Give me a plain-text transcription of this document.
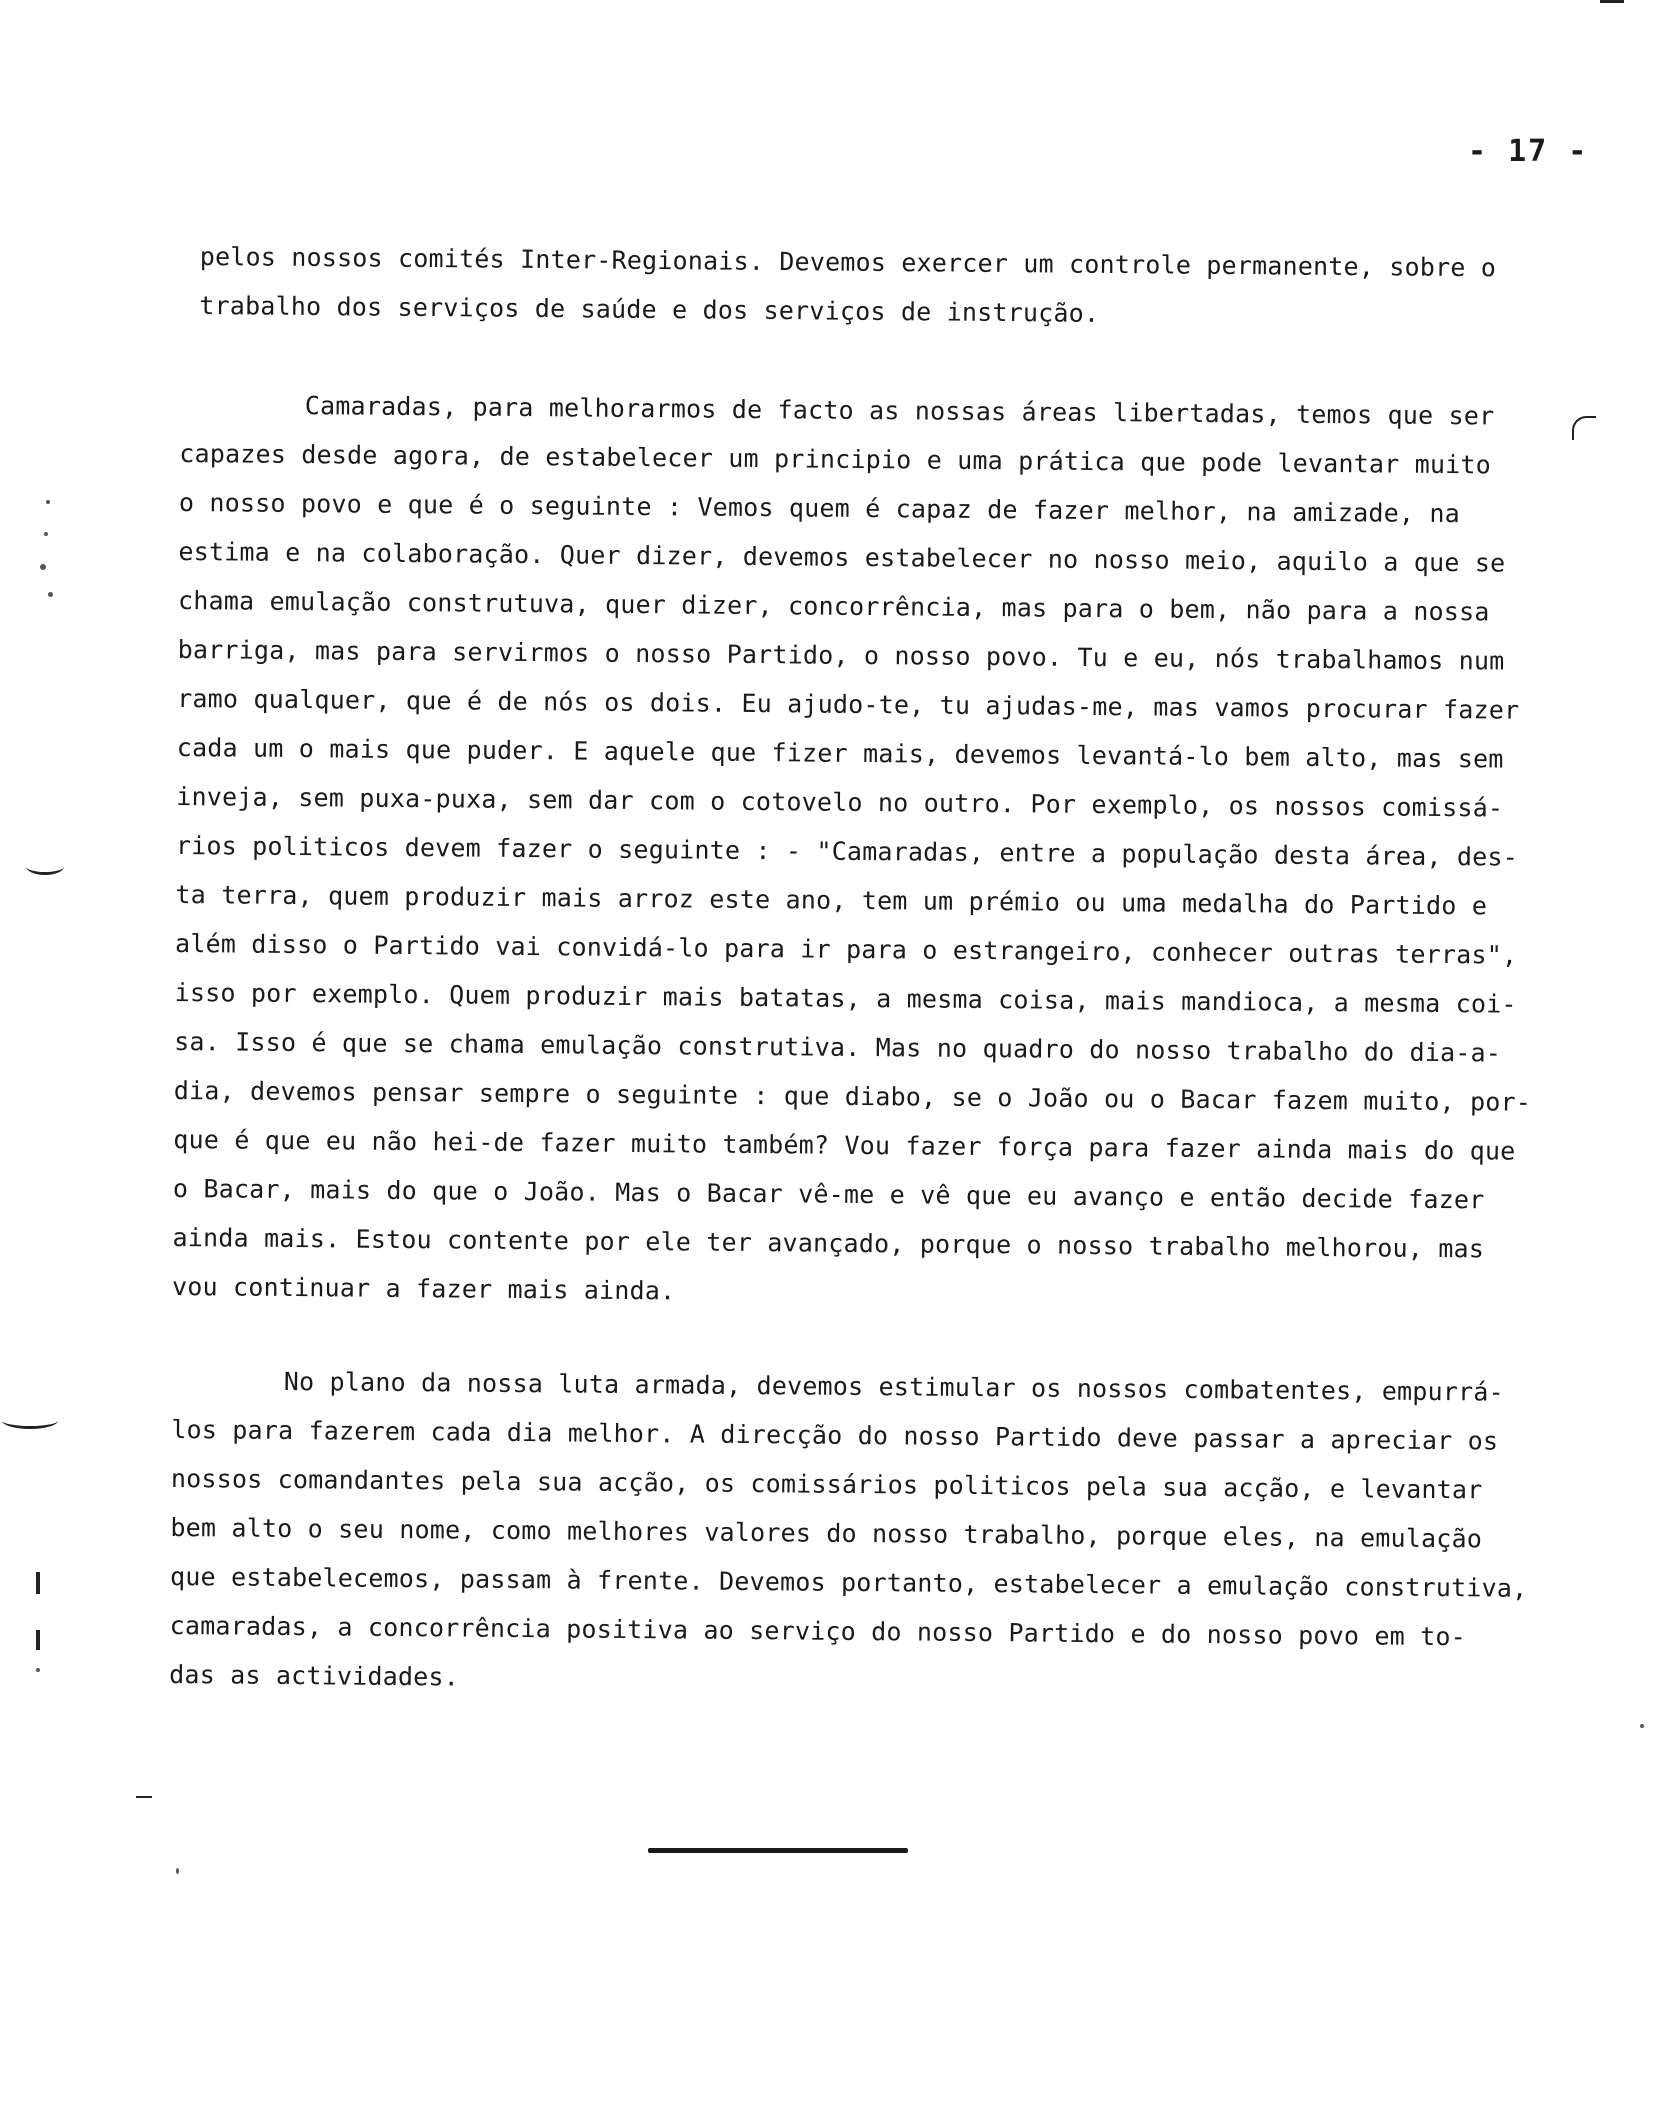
- 17 -
pelos nossos comités Inter-Regionais. Devemos exercer um controle permanente, sobre o
trabalho dos serviços de saúde e dos serviços de instrução.
Camaradas, para melhorarmos de facto as nossas áreas libertadas, temos que ser
capazes desde agora, de estabelecer um principio e uma prática que pode levantar muito
o nosso povo e que é o seguinte : Vemos quem é capaz de fazer melhor, na amizade, na
estima e na colaboração. Quer dizer, devemos estabelecer no nosso meio, aquilo a que se
chama emulação construtuva, quer dizer, concorrência, mas para o bem, não para a nossa
barriga, mas para servirmos o nosso Partido, o nosso povo. Tu e eu, nós trabalhamos num
ramo qualquer, que é de nós os dois. Eu ajudo-te, tu ajudas-me, mas vamos procurar fazer
cada um o mais que puder. E aquele que fizer mais, devemos levantá-lo bem alto, mas sem
inveja, sem puxa-puxa, sem dar com o cotovelo no outro. Por exemplo, os nossos comissá-
rios politicos devem fazer o seguinte : - "Camaradas, entre a população desta área, des-
ta terra, quem produzir mais arroz este ano, tem um prémio ou uma medalha do Partido e
além disso o Partido vai convidá-lo para ir para o estrangeiro, conhecer outras terras",
isso por exemplo. Quem produzir mais batatas, a mesma coisa, mais mandioca, a mesma coi-
sa. Isso é que se chama emulação construtiva. Mas no quadro do nosso trabalho do dia-a-
dia, devemos pensar sempre o seguinte : que diabo, se o João ou o Bacar fazem muito, por-
que é que eu não hei-de fazer muito também? Vou fazer força para fazer ainda mais do que
o Bacar, mais do que o João. Mas o Bacar vê-me e vê que eu avanço e então decide fazer
ainda mais. Estou contente por ele ter avançado, porque o nosso trabalho melhorou, mas
vou continuar a fazer mais ainda.
No plano da nossa luta armada, devemos estimular os nossos combatentes, empurrá-
los para fazerem cada dia melhor. A direcção do nosso Partido deve passar a apreciar os
nossos comandantes pela sua acção, os comissários politicos pela sua acção, e levantar
bem alto o seu nome, como melhores valores do nosso trabalho, porque eles, na emulação
que estabelecemos, passam à frente. Devemos portanto, estabelecer a emulação construtiva,
camaradas, a concorrência positiva ao serviço do nosso Partido e do nosso povo em to-
das as actividades.
